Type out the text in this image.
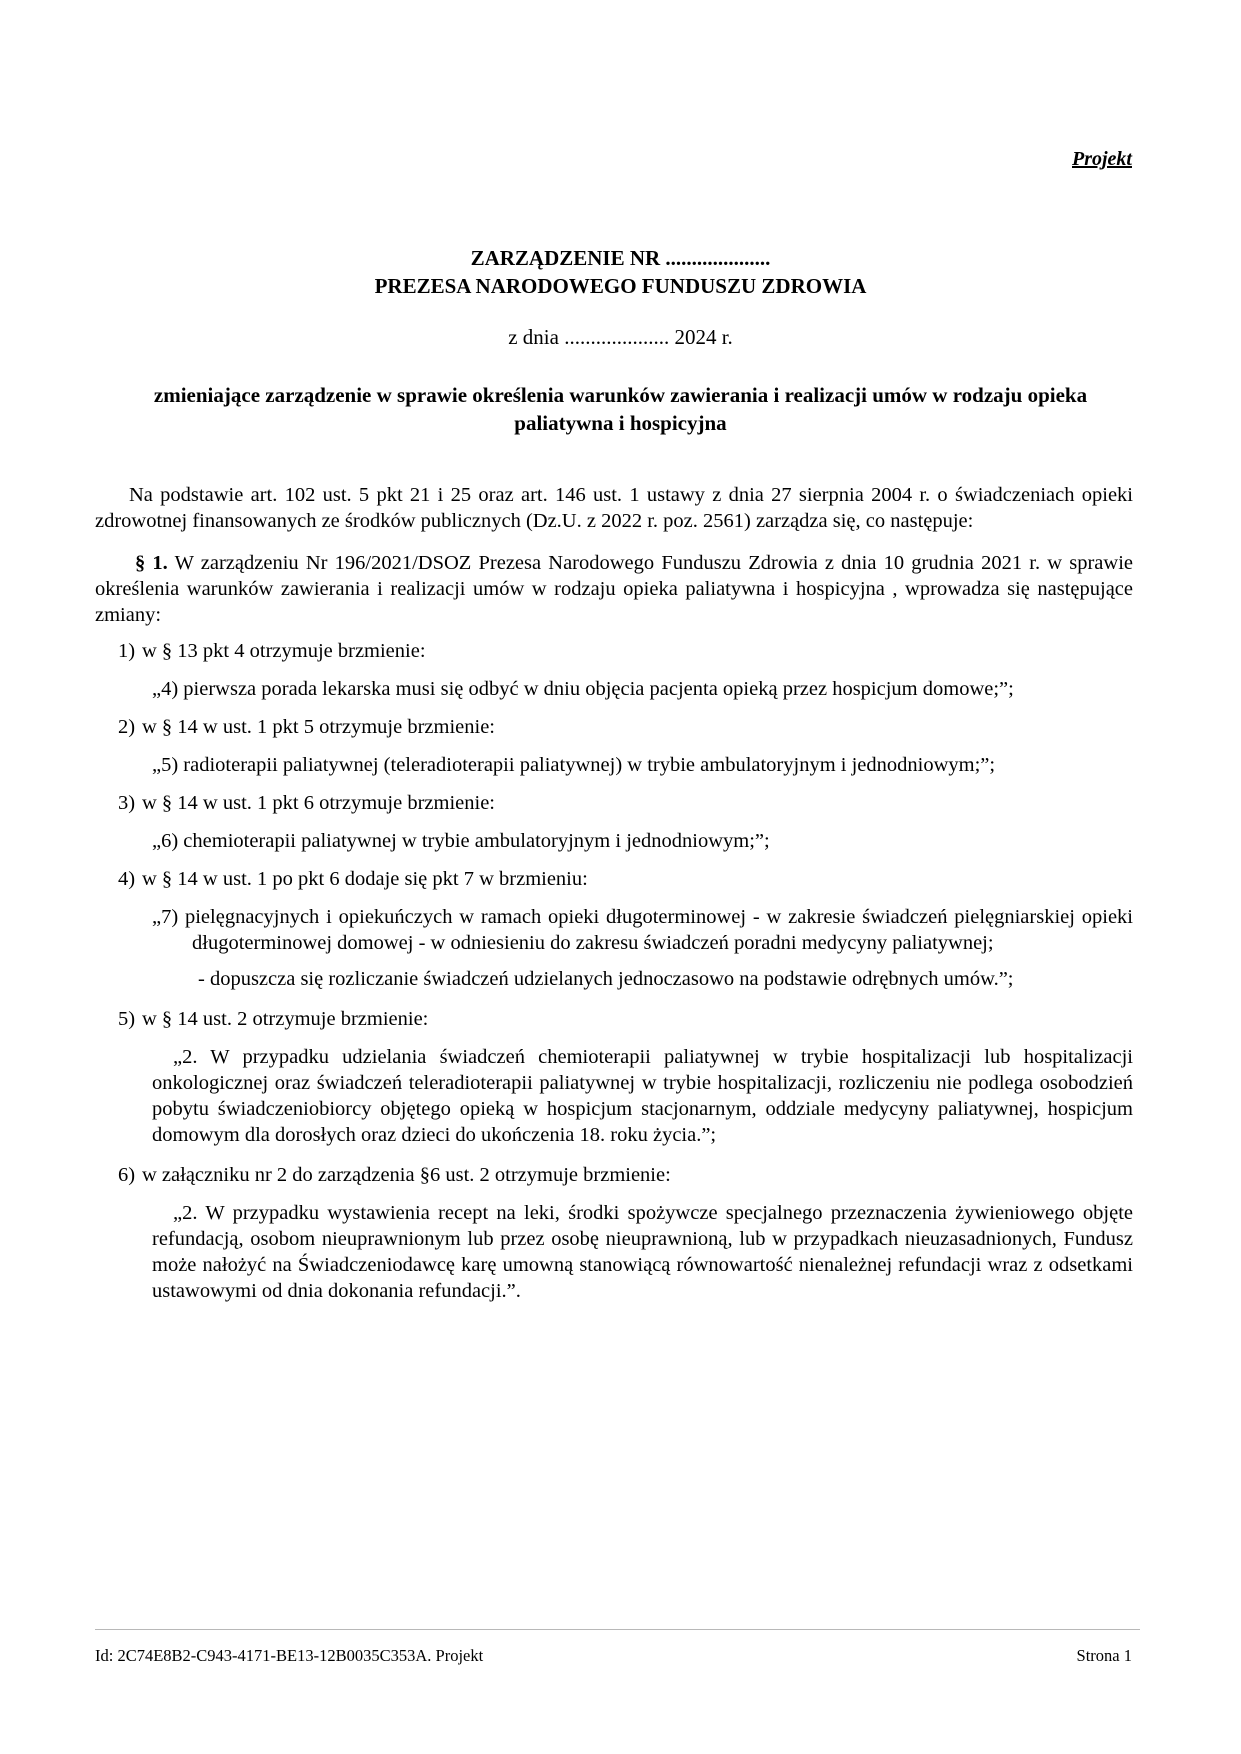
Projekt
ZARZĄDZENIE NR ....................
PREZESA NARODOWEGO FUNDUSZU ZDROWIA
z dnia .................... 2024 r.
zmieniające zarządzenie w sprawie określenia warunków zawierania i realizacji umów w rodzaju opieka paliatywna i hospicyjna

Na podstawie art. 102 ust. 5 pkt 21 i 25 oraz art. 146 ust. 1 ustawy z dnia 27 sierpnia 2004 r. o świadczeniach opieki zdrowotnej finansowanych ze środków publicznych (Dz.U. z 2022 r. poz. 2561) zarządza się, co następuje:

§ 1. W zarządzeniu Nr 196/2021/DSOZ Prezesa Narodowego Funduszu Zdrowia z dnia 10 grudnia 2021 r. w sprawie określenia warunków zawierania i realizacji umów w rodzaju opieka paliatywna i hospicyjna , wprowadza się następujące zmiany:

1) w § 13 pkt 4 otrzymuje brzmienie:

„4) pierwsza porada lekarska musi się odbyć w dniu objęcia pacjenta opieką przez hospicjum domowe;”;

2) w § 14 w ust. 1 pkt 5 otrzymuje brzmienie:

„5) radioterapii paliatywnej (teleradioterapii paliatywnej) w trybie ambulatoryjnym i jednodniowym;”;

3) w § 14 w ust. 1 pkt 6 otrzymuje brzmienie:

„6) chemioterapii paliatywnej w trybie ambulatoryjnym i jednodniowym;”;

4) w § 14 w ust. 1 po pkt 6 dodaje się pkt 7 w brzmieniu:

„7) pielęgnacyjnych i opiekuńczych w ramach opieki długoterminowej - w zakresie świadczeń pielęgniarskiej opieki długoterminowej domowej - w odniesieniu do zakresu świadczeń poradni medycyny paliatywnej;

- dopuszcza się rozliczanie świadczeń udzielanych jednoczasowo na podstawie odrębnych umów.”;

5) w § 14 ust. 2 otrzymuje brzmienie:

„2. W przypadku udzielania świadczeń chemioterapii paliatywnej w trybie hospitalizacji lub hospitalizacji onkologicznej oraz świadczeń teleradioterapii paliatywnej w trybie hospitalizacji, rozliczeniu nie podlega osobodzień pobytu świadczeniobiorcy objętego opieką w hospicjum stacjonarnym, oddziale medycyny paliatywnej, hospicjum domowym dla dorosłych oraz dzieci do ukończenia 18. roku życia.”;

6) w załączniku nr 2 do zarządzenia §6 ust. 2 otrzymuje brzmienie:

„2. W przypadku wystawienia recept na leki, środki spożywcze specjalnego przeznaczenia żywieniowego objęte refundacją, osobom nieuprawnionym lub przez osobę nieuprawnioną, lub w przypadkach nieuzasadnionych, Fundusz może nałożyć na Świadczeniodawcę karę umowną stanowiącą równowartość nienależnej refundacji wraz z odsetkami ustawowymi od dnia dokonania refundacji.”.

Id: 2C74E8B2-C943-4171-BE13-12B0035C353A. Projekt	Strona 1
